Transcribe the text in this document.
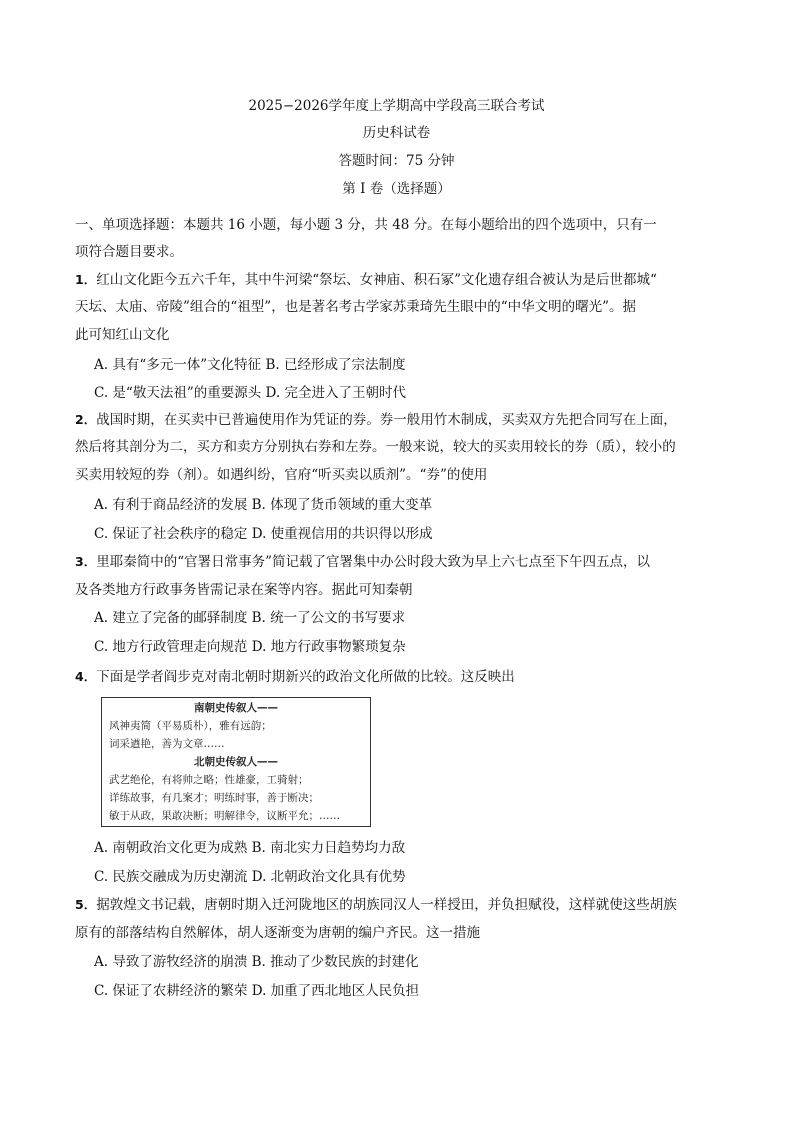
2025−2026学年度上学期高中学段高三联合考试
历史科试卷
答题时间：75 分钟
第 I 卷（选择题）
一、单项选择题：本题共 16 小题，每小题 3 分，共 48 分。在每小题给出的四个选项中，只有一
项符合题目要求。
1．红山文化距今五六千年，其中牛河梁“祭坛、女神庙、积石冢”文化遗存组合被认为是后世都城“
天坛、太庙、帝陵”组合的“祖型”，也是著名考古学家苏秉琦先生眼中的“中华文明的曙光”。据
此可知红山文化
A. 具有“多元一体”文化特征 B. 已经形成了宗法制度
C. 是“敬天法祖”的重要源头 D. 完全进入了王朝时代
2．战国时期，在买卖中已普遍使用作为凭证的券。券一般用竹木制成，买卖双方先把合同写在上面，
然后将其剖分为二，买方和卖方分别执右券和左券。一般来说，较大的买卖用较长的券（质），较小的
买卖用较短的券（剂）。如遇纠纷，官府“听买卖以质剂”。“券”的使用
A. 有利于商品经济的发展 B. 体现了货币领域的重大变革
C. 保证了社会秩序的稳定 D. 使重视信用的共识得以形成
3．里耶秦简中的“官署日常事务”简记载了官署集中办公时段大致为早上六七点至下午四五点，以
及各类地方行政事务皆需记录在案等内容。据此可知秦朝
A. 建立了完备的邮驿制度 B. 统一了公文的书写要求
C. 地方行政管理走向规范 D. 地方行政事物繁琐复杂
4．下面是学者阎步克对南北朝时期新兴的政治文化所做的比较。这反映出
南朝史传叙人——
风神夷简（平易质朴），雅有远韵；
词采遒艳，善为文章……
北朝史传叙人——
武艺绝伦，有将帅之略；性雄豪，工骑射；
详练故事，有几案才；明练时事，善于断决；
敏于从政，果敢决断；明解律令，议断平允；……
A. 南朝政治文化更为成熟 B. 南北实力日趋势均力敌
C. 民族交融成为历史潮流 D. 北朝政治文化具有优势
5．据敦煌文书记载，唐朝时期入迁河陇地区的胡族同汉人一样授田，并负担赋役，这样就使这些胡族
原有的部落结构自然解体，胡人逐渐变为唐朝的编户齐民。这一措施
A. 导致了游牧经济的崩溃 B. 推动了少数民族的封建化
C. 保证了农耕经济的繁荣 D. 加重了西北地区人民负担
